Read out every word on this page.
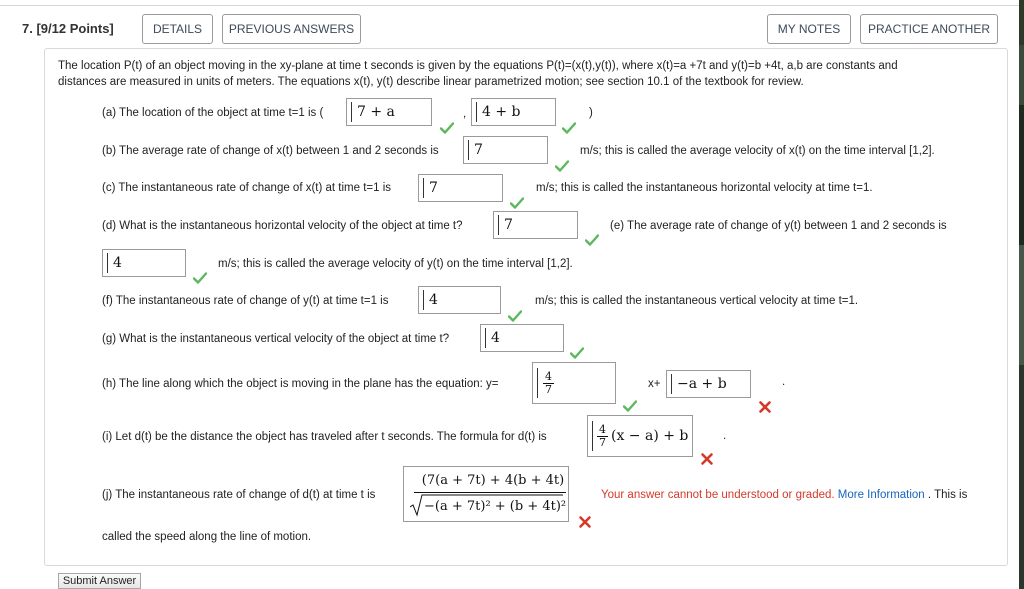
7. [9/12 Points]	DETAILS	PREVIOUS ANSWERS	MY NOTES	PRACTICE ANOTHER
The location P(t) of an object moving in the xy-plane at time t seconds is given by the equations P(t)=(x(t),y(t)), where x(t)=a +7t and y(t)=b +4t, a,b are constants and
distances are measured in units of meters. The equations x(t), y(t) describe linear parametrized motion; see section 10.1 of the textbook for review.
(a) The location of the object at time t=1 is ( 7 + a	, 4 + b	)
(b) The average rate of change of x(t) between 1 and 2 seconds is	7	m/s; this is called the average velocity of x(t) on the time interval [1,2].
(c) The instantaneous rate of change of x(t) at time t=1 is	7	m/s; this is called the instantaneous horizontal velocity at time t=1.
(d) What is the instantaneous horizontal velocity of the object at time t?	7	(e) The average rate of change of y(t) between 1 and 2 seconds is
4	m/s; this is called the average velocity of y(t) on the time interval [1,2].
(f) The instantaneous rate of change of y(t) at time t=1 is	4	m/s; this is called the instantaneous vertical velocity at time t=1.
(g) What is the instantaneous vertical velocity of the object at time t?	4
(h) The line along which the object is moving in the plane has the equation: y=	$\frac{4}{7}$	x+ −a + b	.
(i) Let d(t) be the distance the object has traveled after t seconds. The formula for d(t) is	$\frac{4}{7} (x - a) + b$	.
(j) The instantaneous rate of change of d(t) at time t is
(7(a + 7t) + 4(b + 4t)
−(a + 7t)² + (b + 4t)²
Your answer cannot be understood or graded. More Information . This is
called the speed along the line of motion.
Submit Answer
